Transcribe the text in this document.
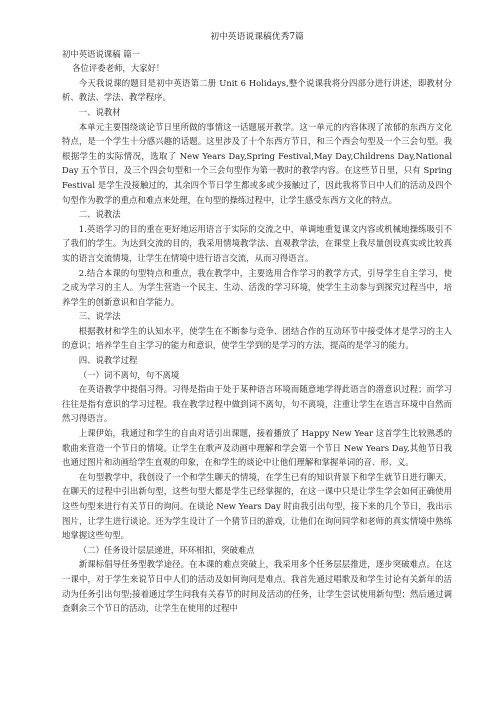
初中英语说课稿优秀7篇
初中英语说课稿 篇一
各位评委老师，大家好！
今天我说课的题目是初中英语第二册 Unit 6 Holidays,整个说课我将分四部分进行讲述，即教材分析、教法、学法、教学程序。
一、说教材
本单元主要围绕谈论节日里所做的事情这一话题展开教学。这一单元的内容体现了浓郁的东西方文化特点，是一个学生十分感兴趣的话题。这里涉及了十个东西方节日，和三个西会句型及一个三会句型。我根据学生的实际情况，选取了 New Years Day,Spring Festival,May Day,Childrens Day,National Day 五个节日，及三个四会句型和一个三会句型作为第一教时的教学内容。在这些节日里，只有 Spring Festival 是学生没接触过的，其余四个节日学生都或多或少接触过了，因此我将节日中人们的活动及四个句型作为教学的重点和难点来处理，在句型的操练过程中，让学生感受东西方文化的特点。
二、说教法
1.英语学习的目的重在更好地运用语言于实际的交流之中，单调地重复课文内容或机械地操练吸引不了我们的学生。为达到交流的目的，我采用情境教学法、直观教学法，在课堂上我尽量创设真实或比较真实的语言交流情境，让学生在情境中进行语言交流，从而习得语言。
2.结合本课的句型特点和重点，我在教学中，主要选用合作学习的教学方式，引导学生自主学习，使之成为学习的主人。为学生营造一个民主、生动、活泼的学习环境，使学生主动参与到探究过程当中，培养学生的创新意识和自学能力。
三、说学法
根据教材和学生的认知水平，使学生在不断参与竞争、团结合作的互动环节中接受体才是学习的主人的意识；培养学生自主学习的能力和意识，使学生学到的是学习的方法，提高的是学习的能力。
四、说教学过程
（一）词不离句，句不离境
在英语教学中提倡习得。习得是指由于处于某种语言环境而随意地学得此语言的潜意识过程；而学习往往是指有意识的学习过程。我在教学过程中做到词不离句，句不离境，注重让学生在语言环境中自然而然习得语言。
上课伊始，我通过和学生的自由对话引出课题，接着播放了 Happy New Year 这首学生比较熟悉的歌曲来营造一个节日的情境。让学生在歌声及动画中理解和学会第一个节日 New Years Day,其他节日我也通过图片和动画给学生直观的印象，在和学生的谈论中让他们理解和掌握单词的音、形、义。
在句型教学中，我创设了一个和学生聊天的情境，在学生已有的知识背景下和学生就节日进行聊天，在聊天的过程中引出新句型，这些句型大都是学生已经掌握的，在这一课中只是让学生学会如何正确使用这些句型来进行有关节日的询问。在谈论 New Years Day 时由我引出句型，接下来的几个节日，我出示图片，让学生进行谈论。还为学生设计了一个猜节日的游戏，让他们在询问同学和老师的真实情境中熟练地掌握这些句型。
（二）任务设计层层递进，环环相扣，突破难点
新课标倡导任务型教学途径。在本课的难点突破上，我采用多个任务层层推进，逐步突破难点。在这一课中，对于学生来说节日中人们的活动及如何询问是难点。我首先通过唱歌及和学生讨论有关新年的活动为任务引出句型;接着通过学生问我有关春节的时间及活动的任务，让学生尝试使用新句型；然后通过调查剩余三个节日的活动，让学生在使用的过程中
